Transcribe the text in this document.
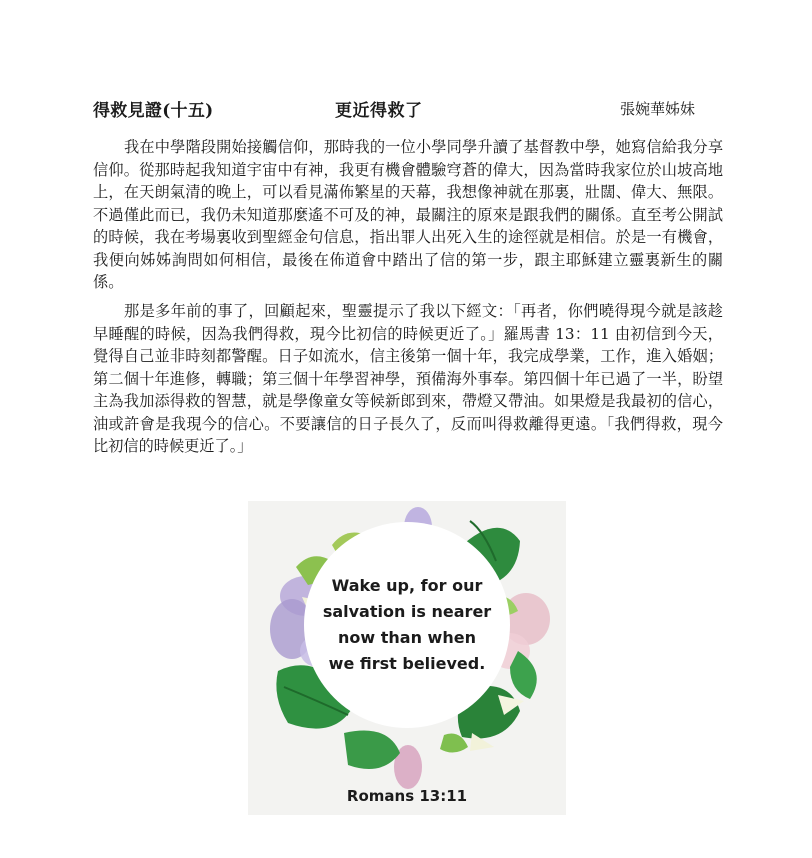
得救見證(十五)	更近得救了	張婉華姊妹

我在中學階段開始接觸信仰，那時我的一位小學同學升讀了基督教中學，她寫信給我分享信仰。從那時起我知道宇宙中有神，我更有機會體驗穹蒼的偉大，因為當時我家位於山坡高地上，在天朗氣清的晚上，可以看見滿佈繁星的天幕，我想像神就在那裏，壯闊、偉大、無限。不過僅此而已，我仍未知道那麼遙不可及的神，最關注的原來是跟我們的關係。直至考公開試的時候，我在考場裏收到聖經金句信息，指出罪人出死入生的途徑就是相信。於是一有機會，我便向姊姊詢問如何相信，最後在佈道會中踏出了信的第一步，跟主耶穌建立靈裏新生的關係。

那是多年前的事了，回顧起來，聖靈提示了我以下經文：「再者，你們曉得現今就是該趁早睡醒的時候，因為我們得救，現今比初信的時候更近了。」羅馬書 13：11 由初信到今天，覺得自己並非時刻都警醒。日子如流水，信主後第一個十年，我完成學業，工作，進入婚姻；第二個十年進修，轉職；第三個十年學習神學，預備海外事奉。第四個十年已過了一半，盼望主為我加添得救的智慧，就是學像童女等候新郎到來，帶燈又帶油。如果燈是我最初的信心，油或許會是我現今的信心。不要讓信的日子長久了，反而叫得救離得更遠。「我們得救，現今比初信的時候更近了。」

Wake up, for our
salvation is nearer
now than when
we first believed.
Romans 13:11
